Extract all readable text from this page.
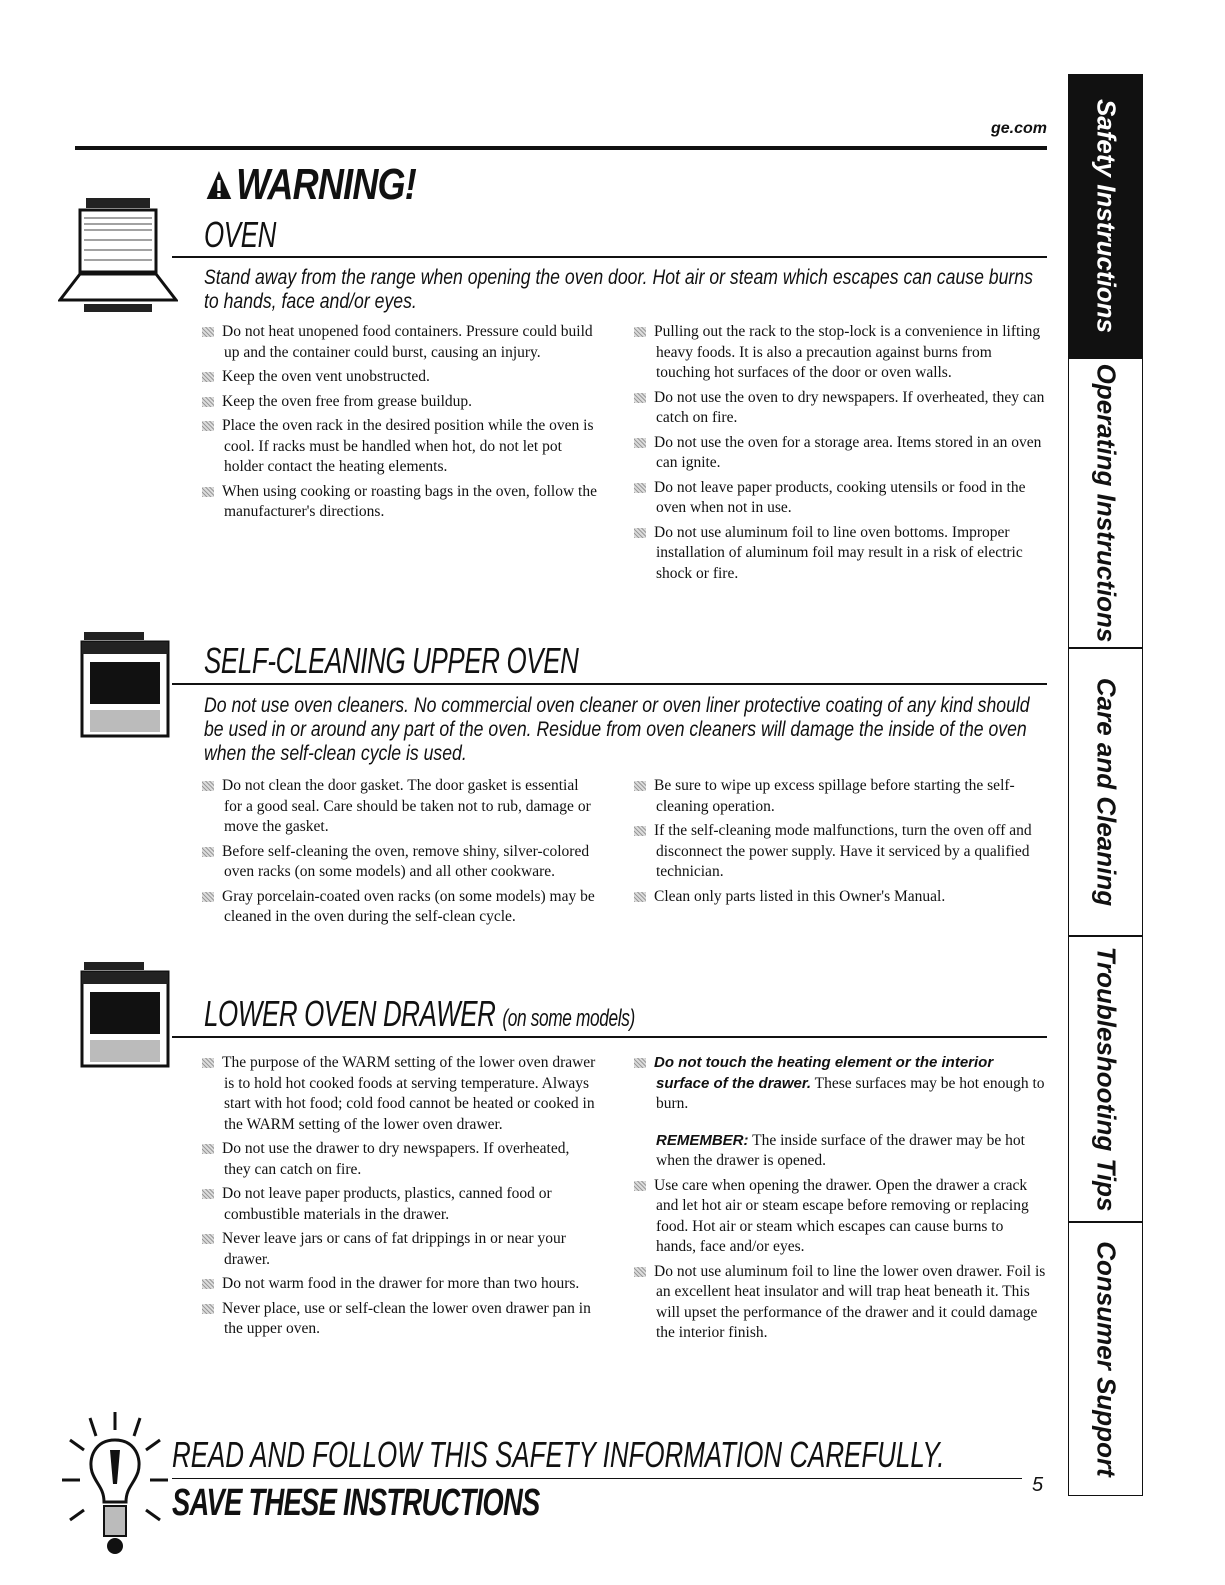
ge.com
WARNING!
OVEN
Stand away from the range when opening the oven door. Hot air or steam which escapes can cause burns to hands, face and/or eyes.

Do not heat unopened food containers. Pressure could build up and the container could burst, causing an injury.

Keep the oven vent unobstructed.

Keep the oven free from grease buildup.

Place the oven rack in the desired position while the oven is cool. If racks must be handled when hot, do not let pot holder contact the heating elements.

When using cooking or roasting bags in the oven, follow the manufacturer's directions.

Pulling out the rack to the stop-lock is a convenience in lifting heavy foods. It is also a precaution against burns from touching hot surfaces of the door or oven walls.

Do not use the oven to dry newspapers. If overheated, they can catch on fire.

Do not use the oven for a storage area. Items stored in an oven can ignite.

Do not leave paper products, cooking utensils or food in the oven when not in use.

Do not use aluminum foil to line oven bottoms. Improper installation of aluminum foil may result in a risk of electric shock or fire.

SELF-CLEANING UPPER OVEN
Do not use oven cleaners. No commercial oven cleaner or oven liner protective coating of any kind should be used in or around any part of the oven. Residue from oven cleaners will damage the inside of the oven when the self-clean cycle is used.

Do not clean the door gasket. The door gasket is essential for a good seal. Care should be taken not to rub, damage or move the gasket.

Before self-cleaning the oven, remove shiny, silver-colored oven racks (on some models) and all other cookware.

Gray porcelain-coated oven racks (on some models) may be cleaned in the oven during the self-clean cycle.

Be sure to wipe up excess spillage before starting the self-cleaning operation.

If the self-cleaning mode malfunctions, turn the oven off and disconnect the power supply. Have it serviced by a qualified technician.

Clean only parts listed in this Owner's Manual.

LOWER OVEN DRAWER (on some models)

The purpose of the WARM setting of the lower oven drawer is to hold hot cooked foods at serving temperature. Always start with hot food; cold food cannot be heated or cooked in the WARM setting of the lower oven drawer.

Do not use the drawer to dry newspapers. If overheated, they can catch on fire.

Do not leave paper products, plastics, canned food or combustible materials in the drawer.

Never leave jars or cans of fat drippings in or near your drawer.

Do not warm food in the drawer for more than two hours.

Never place, use or self-clean the lower oven drawer pan in the upper oven.

Do not touch the heating element or the interior surface of the drawer. These surfaces may be hot enough to burn.

REMEMBER: The inside surface of the drawer may be hot when the drawer is opened.

Use care when opening the drawer. Open the drawer a crack and let hot air or steam escape before removing or replacing food. Hot air or steam which escapes can cause burns to hands, face and/or eyes.

Do not use aluminum foil to line the lower oven drawer. Foil is an excellent heat insulator and will trap heat beneath it. This will upset the performance of the drawer and it could damage the interior finish.

READ AND FOLLOW THIS SAFETY INFORMATION CAREFULLY.
SAVE THESE INSTRUCTIONS	5
Safety Instructions
Operating Instructions
Care and Cleaning
Troubleshooting Tips
Consumer Support
